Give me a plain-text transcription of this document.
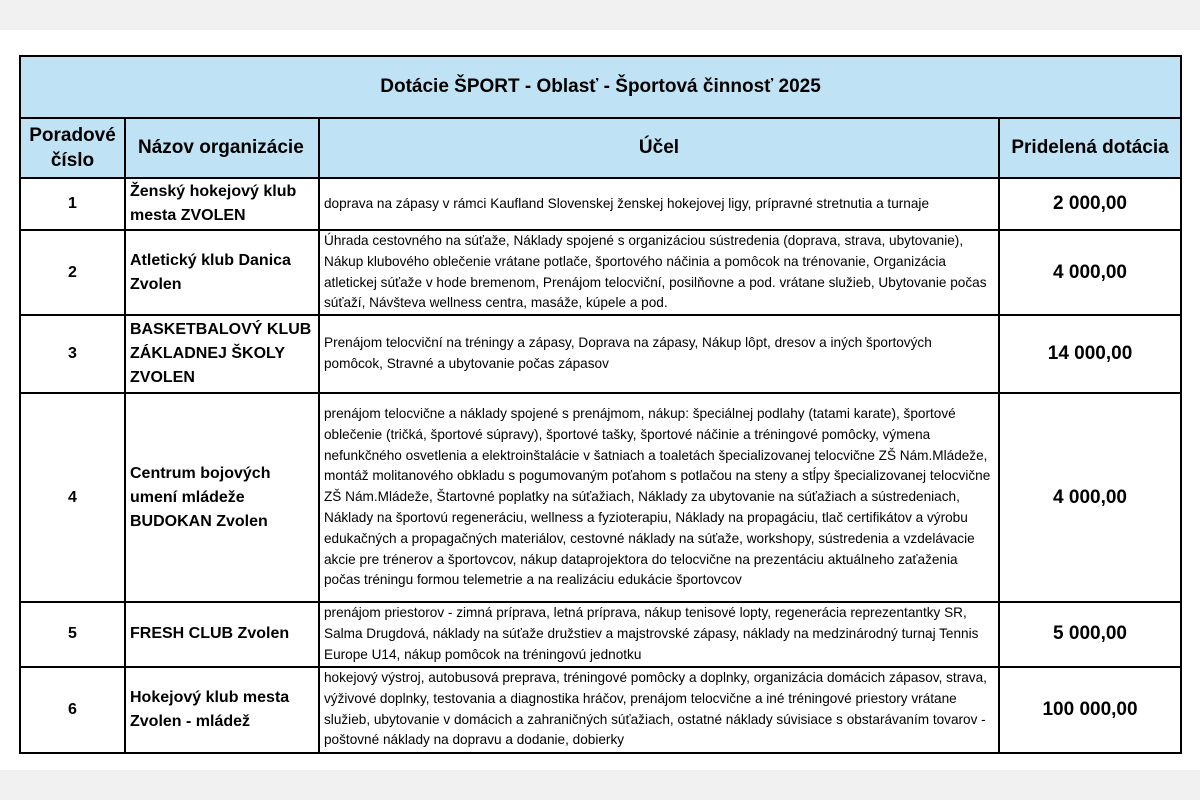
Dotácie ŠPORT - Oblasť - Športová činnosť 2025			
Poradové číslo	Názov organizácie	Účel	Pridelená dotácia
1	Ženský hokejový klub mesta ZVOLEN	doprava na zápasy v rámci Kaufland Slovenskej ženskej hokejovej ligy, prípravné stretnutia a turnaje	2 000,00
2	Atletický klub Danica Zvolen	Úhrada cestovného na súťaže, Náklady spojené s organizáciou sústredenia (doprava, strava, ubytovanie), Nákup klubového oblečenie vrátane potlače, športového náčinia a pomôcok na trénovanie, Organizácia atletickej súťaže v hode bremenom, Prenájom telocviční, posilňovne a pod. vrátane služieb, Ubytovanie počas súťaží, Návšteva wellness centra, masáže, kúpele a pod.	4 000,00
3	BASKETBALOVÝ KLUB ZÁKLADNEJ ŠKOLY ZVOLEN	Prenájom telocviční na tréningy a zápasy, Doprava na zápasy, Nákup lôpt, dresov a iných športových pomôcok, Stravné a ubytovanie počas zápasov	14 000,00
4	Centrum bojových umení mládeže BUDOKAN Zvolen	prenájom telocvične a náklady spojené s prenájmom, nákup: špeciálnej podlahy (tatami karate), športové oblečenie (tričká, športové súpravy), športové tašky, športové náčinie a tréningové pomôcky, výmena nefunkčného osvetlenia a elektroinštalácie v šatniach a toaletách špecializovanej telocvične ZŠ Nám.Mládeže, montáž molitanového obkladu s pogumovaným poťahom s potlačou na steny a stĺpy špecializovanej telocvične ZŠ Nám.Mládeže, Štartovné poplatky na súťažiach, Náklady za ubytovanie na súťažiach a sústredeniach, Náklady na športovú regeneráciu, wellness a fyzioterapiu, Náklady na propagáciu, tlač certifikátov a výrobu edukačných a propagačných materiálov, cestovné náklady na súťaže, workshopy, sústredenia a vzdelávacie akcie pre trénerov a športovcov, nákup dataprojektora do telocvične na prezentáciu aktuálneho zaťaženia počas tréningu formou telemetrie a na realizáciu edukácie športovcov	4 000,00
5	FRESH CLUB Zvolen	prenájom priestorov - zimná príprava, letná príprava, nákup tenisové lopty, regenerácia reprezentantky SR, Salma Drugdová, náklady na súťaže družstiev a majstrovské zápasy, náklady na medzinárodný turnaj Tennis Europe U14, nákup pomôcok na tréningovú jednotku	5 000,00
6	Hokejový klub mesta Zvolen - mládež	hokejový výstroj, autobusová preprava, tréningové pomôcky a doplnky, organizácia domácich zápasov, strava, výživové doplnky, testovania a diagnostika hráčov, prenájom telocvične a iné tréningové priestory vrátane služieb, ubytovanie v domácich a zahraničných súťažiach, ostatné náklady súvisiace s obstarávaním tovarov - poštovné náklady na dopravu a dodanie, dobierky	100 000,00
